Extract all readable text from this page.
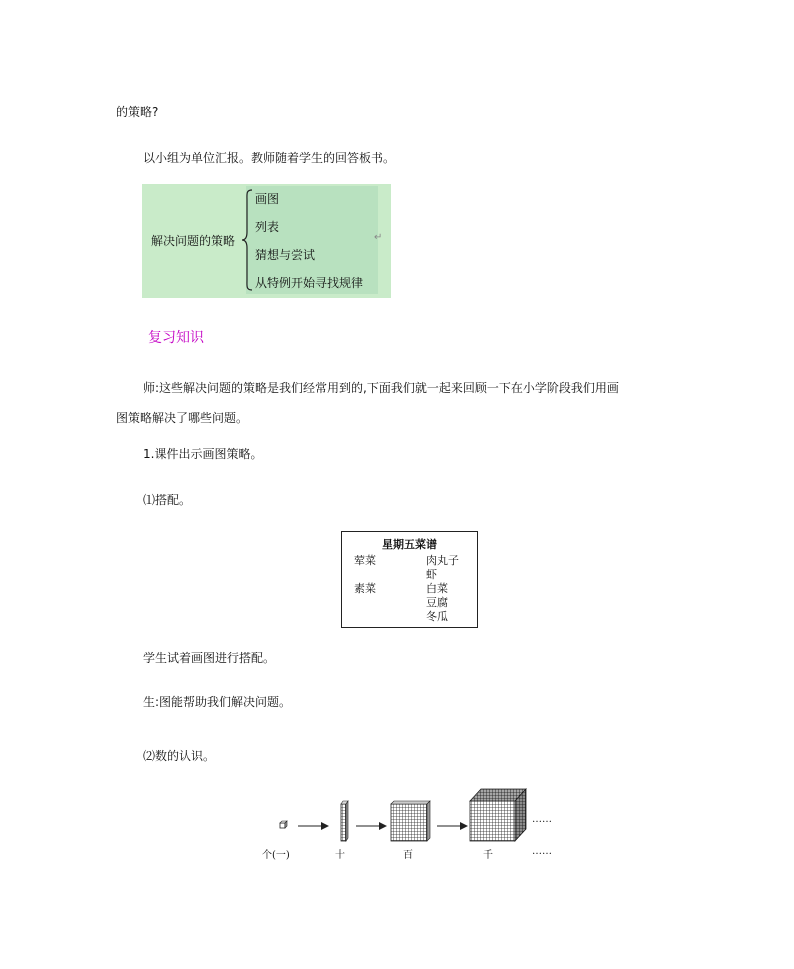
的策略?
以小组为单位汇报。教师随着学生的回答板书。
解决问题的策略
画图
列表
猜想与尝试
从特例开始寻找规律
↵
复习知识
师:这些解决问题的策略是我们经常用到的,下面我们就一起来回顾一下在小学阶段我们用画
图策略解决了哪些问题。
1.课件出示画图策略。
⑴搭配。
星期五菜谱
荤菜	肉丸子
虾
素菜	白菜
豆腐
冬瓜
学生试着画图进行搭配。
生:图能帮助我们解决问题。
⑵数的认识。
……
个(一)	十	百	千	……
